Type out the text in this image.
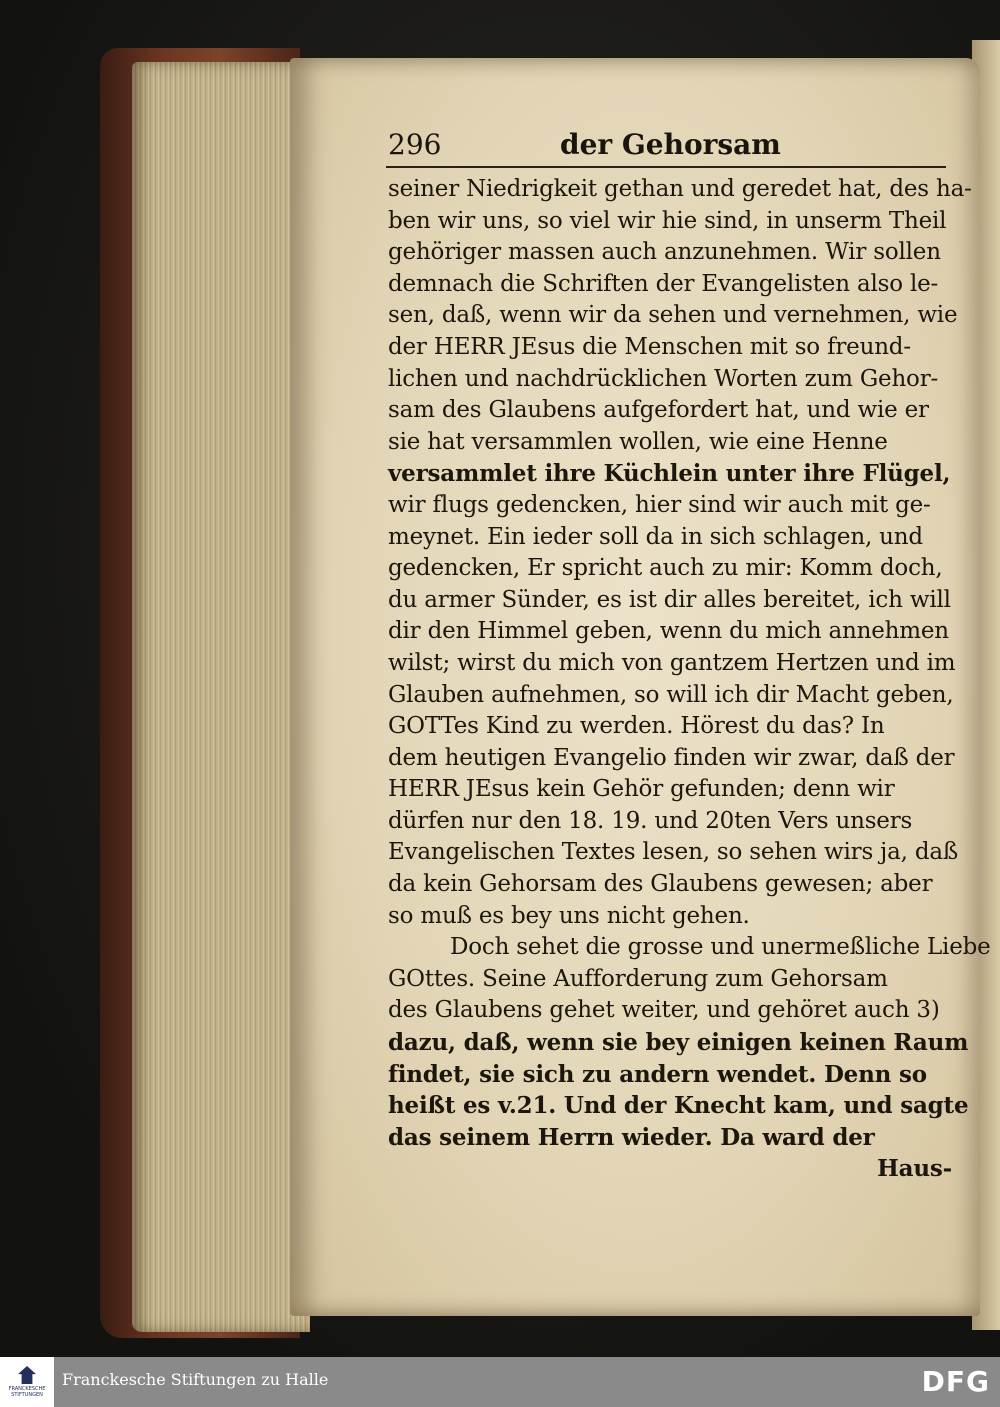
296	der Gehorsam
seiner Niedrigkeit gethan und geredet hat, des ha-
ben wir uns, so viel wir hie sind, in unserm Theil
gehöriger massen auch anzunehmen. Wir sollen
demnach die Schriften der Evangelisten also le-
sen, daß, wenn wir da sehen und vernehmen, wie
der HERR JEsus die Menschen mit so freund-
lichen und nachdrücklichen Worten zum Gehor-
sam des Glaubens aufgefordert hat, und wie er
sie hat versammlen wollen, wie eine Henne
versammlet ihre Küchlein unter ihre Flügel,
wir flugs gedencken, hier sind wir auch mit ge-
meynet. Ein ieder soll da in sich schlagen, und
gedencken, Er spricht auch zu mir: Komm doch,
du armer Sünder, es ist dir alles bereitet, ich will
dir den Himmel geben, wenn du mich annehmen
wilst; wirst du mich von gantzem Hertzen und im
Glauben aufnehmen, so will ich dir Macht geben,
GOTTes Kind zu werden. Hörest du das? In
dem heutigen Evangelio finden wir zwar, daß der
HERR JEsus kein Gehör gefunden; denn wir
dürfen nur den 18. 19. und 20ten Vers unsers
Evangelischen Textes lesen, so sehen wirs ja, daß
da kein Gehorsam des Glaubens gewesen; aber
so muß es bey uns nicht gehen.
Doch sehet die grosse und unermeßliche Liebe
GOttes. Seine Aufforderung zum Gehorsam
des Glaubens gehet weiter, und gehöret auch 3)
dazu, daß, wenn sie bey einigen keinen Raum
findet, sie sich zu andern wendet. Denn so
heißt es v.21. Und der Knecht kam, und sagte
das seinem Herrn wieder. Da ward der
Haus-
FRANCKESCHE STIFTUNGEN
Franckesche Stiftungen zu Halle	DFG
